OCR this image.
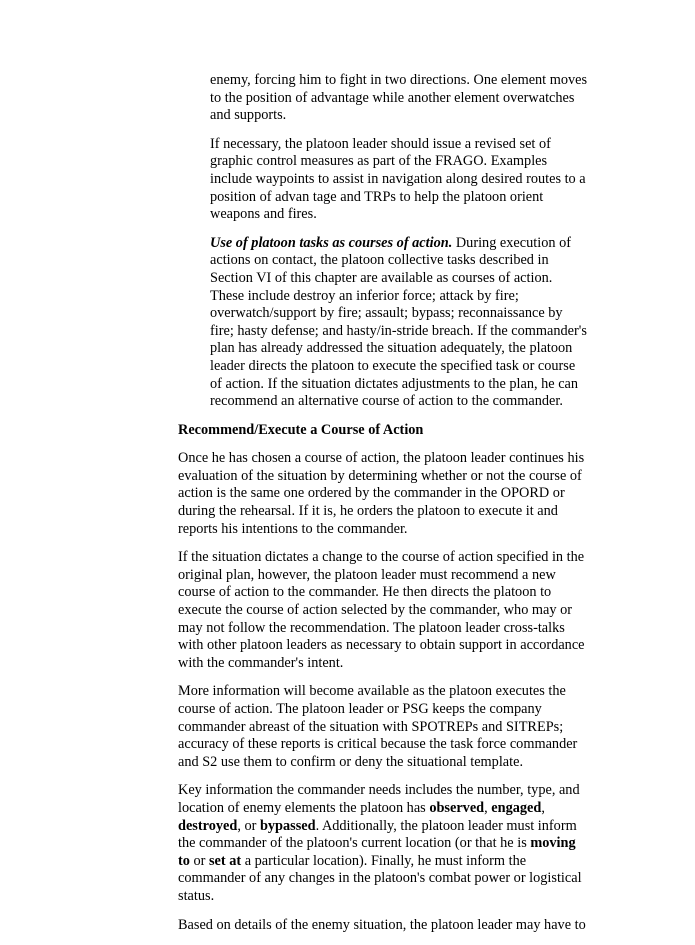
enemy, forcing him to fight in two directions. One element moves to the position of advantage while another element overwatches and supports.

If necessary, the platoon leader should issue a revised set of graphic control measures as part of the FRAGO. Examples include waypoints to assist in navigation along desired routes to a position of advan tage and TRPs to help the platoon orient weapons and fires.

Use of platoon tasks as courses of action. During execution of actions on contact, the platoon collective tasks described in Section VI of this chapter are available as courses of action. These include destroy an inferior force; attack by fire; overwatch/support by fire; assault; bypass; reconnaissance by fire; hasty defense; and hasty/in-stride breach. If the commander's plan has already addressed the situation adequately, the platoon leader directs the platoon to execute the specified task or course of action. If the situation dictates adjustments to the plan, he can recommend an alternative course of action to the commander.

Recommend/Execute a Course of Action

Once he has chosen a course of action, the platoon leader continues his evaluation of the situation by determining whether or not the course of action is the same one ordered by the commander in the OPORD or during the rehearsal. If it is, he orders the platoon to execute it and reports his intentions to the commander.

If the situation dictates a change to the course of action specified in the original plan, however, the platoon leader must recommend a new course of action to the commander. He then directs the platoon to execute the course of action selected by the commander, who may or may not follow the recommendation. The platoon leader cross-talks with other platoon leaders as necessary to obtain support in accordance with the commander's intent.

More information will become available as the platoon executes the course of action. The platoon leader or PSG keeps the company commander abreast of the situation with SPOTREPs and SITREPs; accuracy of these reports is critical because the task force commander and S2 use them to confirm or deny the situational template.

Key information the commander needs includes the number, type, and location of enemy elements the platoon has observed, engaged, destroyed, or bypassed. Additionally, the platoon leader must inform the commander of the platoon's current location (or that he is moving to or set at a particular location). Finally, he must inform the commander of any changes in the platoon's combat power or logistical status.

Based on details of the enemy situation, the platoon leader may have to
